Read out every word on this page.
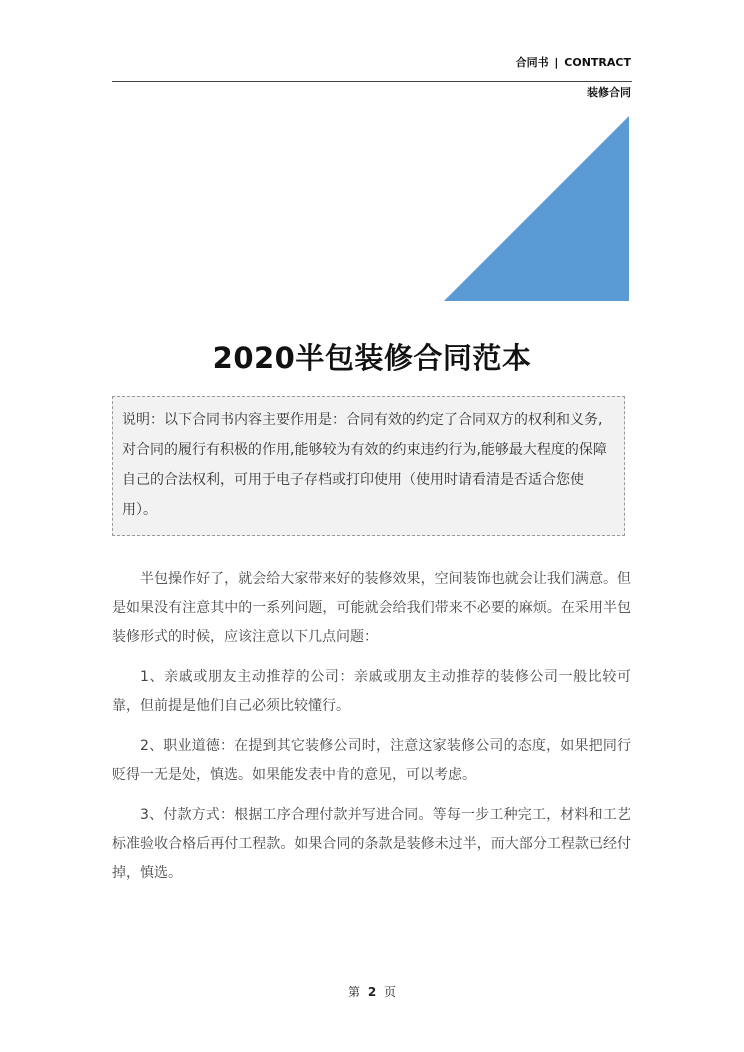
合同书 | CONTRACT
装修合同
2020半包装修合同范本
说明：以下合同书内容主要作用是：合同有效的约定了合同双方的权利和义务,对合同的履行有积极的作用,能够较为有效的约束违约行为,能够最大程度的保障自己的合法权利，可用于电子存档或打印使用（使用时请看清是否适合您使用）。

半包操作好了，就会给大家带来好的装修效果，空间装饰也就会让我们满意。但是如果没有注意其中的一系列问题，可能就会给我们带来不必要的麻烦。在采用半包装修形式的时候，应该注意以下几点问题：

1、亲戚或朋友主动推荐的公司：亲戚或朋友主动推荐的装修公司一般比较可靠，但前提是他们自己必须比较懂行。

2、职业道德：在提到其它装修公司时，注意这家装修公司的态度，如果把同行贬得一无是处，慎选。如果能发表中肯的意见，可以考虑。

3、付款方式：根据工序合理付款并写进合同。等每一步工种完工，材料和工艺标准验收合格后再付工程款。如果合同的条款是装修未过半，而大部分工程款已经付掉，慎选。

第 2 页
